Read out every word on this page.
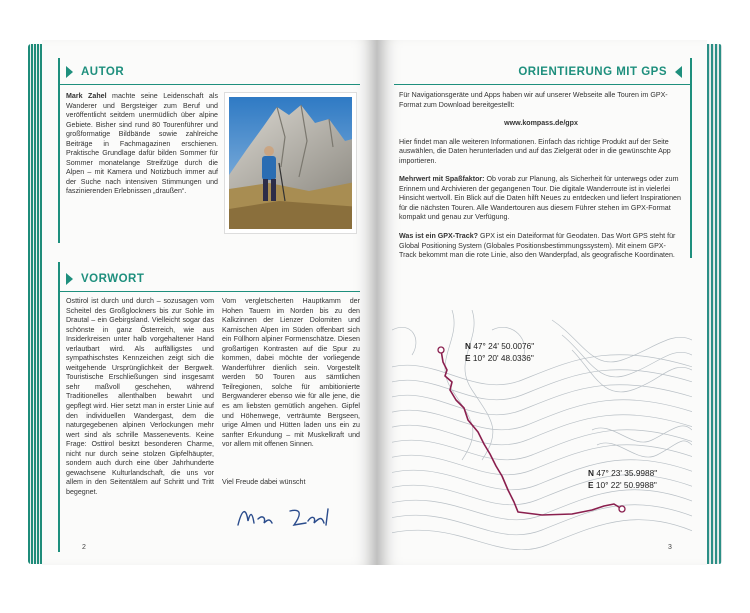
AUTOR
Mark Zahel machte seine Leidenschaft als Wanderer und Bergsteiger zum Beruf und veröffentlicht seitdem unermüdlich über alpine Gebiete. Bisher sind rund 80 Tourenführer und großformatige Bildbände sowie zahlreiche Beiträge in Fachmagazinen erschienen. Praktische Grundlage dafür bilden Sommer für Sommer monatelange Streifzüge durch die Alpen – mit Kamera und Notizbuch immer auf der Suche nach intensiven Stimmungen und faszinierenden Erlebnissen „draußen“.
VORWORT
Osttirol ist durch und durch – sozusagen vom Scheitel des Großglockners bis zur Sohle im Drautal – ein Gebirgsland. Vielleicht sogar das schönste in ganz Österreich, wie aus Insiderkreisen unter halb vorgehaltener Hand verlautbart wird. Als auffälligstes und sympathischstes Kennzeichen zeigt sich die weitgehende Ursprünglichkeit der Bergwelt. Touristische Erschließungen sind insgesamt sehr maßvoll geschehen, während Traditionelles allenthalben bewahrt und gepflegt wird. Hier setzt man in erster Linie auf den individuellen Wandergast, dem die naturgegebenen alpinen Verlockungen mehr wert sind als schrille Massenevents. Keine Frage: Osttirol besitzt besonderen Charme, nicht nur durch seine stolzen Gipfelhäupter, sondern auch durch eine über Jahrhunderte gewachsene Kulturlandschaft, die uns vor allem in den Seitentälern auf Schritt und Tritt begegnet.
Vom vergletscherten Hauptkamm der Hohen Tauern im Norden bis zu den Kalkzinnen der Lienzer Dolomiten und Karnischen Alpen im Süden offenbart sich ein Füllhorn alpiner Formenschätze. Diesen großartigen Kontrasten auf die Spur zu kommen, dabei möchte der vorliegende Wanderführer dienlich sein. Vorgestellt werden 50 Touren aus sämtlichen Teilregionen, solche für ambitionierte Bergwanderer ebenso wie für alle jene, die es am liebsten gemütlich angehen. Gipfel und Höhenwege, verträumte Bergseen, urige Almen und Hütten laden uns ein zu sanfter Erkundung – mit Muskelkraft und vor allem mit offenen Sinnen.
Viel Freude dabei wünscht
2
ORIENTIERUNG MIT GPS

Für Navigationsgeräte und Apps haben wir auf unserer Webseite alle Touren im GPX-Format zum Download bereitgestellt:

www.kompass.de/gpx

Hier findet man alle weiteren Informationen. Einfach das richtige Produkt auf der Seite auswählen, die Daten herunterladen und auf das Zielgerät oder in die gewünschte App importieren.

Mehrwert mit Spaßfaktor: Ob vorab zur Planung, als Sicherheit für unterwegs oder zum Erinnern und Archivieren der gegangenen Tour. Die digitale Wanderroute ist in vielerlei Hinsicht wertvoll. Ein Blick auf die Daten hilft Neues zu entdecken und liefert Inspirationen für die nächsten Touren. Alle Wandertouren aus diesem Führer stehen im GPX-Format kompakt und genau zur Verfügung.

Was ist ein GPX-Track? GPX ist ein Dateiformat für Geodaten. Das Wort GPS steht für Global Positioning System (Globales Positionsbestimmungssystem). Mit einem GPX-Track bekommt man die rote Linie, also den Wanderpfad, als geografische Koordinaten.

N 47° 24' 50.0076"
E 10° 20' 48.0336"
N 47° 23' 35.9988"
E 10° 22' 50.9988"
3
